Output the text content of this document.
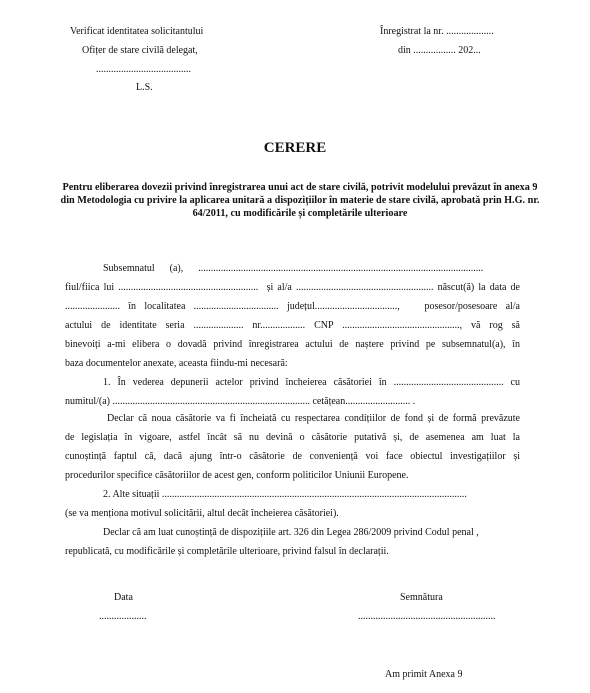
Verificat identitatea solicitantului
Ofițer de stare civilă delegat,
......................................
L.S.
Înregistrat la nr. ...................
din ................. 202...
CERERE
Pentru eliberarea dovezii privind înregistrarea unui act de stare civilă, potrivit modelului prevăzut în anexa 9 din Metodologia cu privire la aplicarea unitară a dispozițiilor în materie de stare civilă, aprobată prin H.G. nr. 64/2011, cu modificările și completările ulterioare
Subsemnatul      (a),      ..................................................................................................................
fiul/fiica lui ........................................................  și al/a ....................................................... născut(ă) la data de
...................... în localitatea .................................. județul.................................,   posesor/posesoare al/a
actului de identitate seria .................... nr.................. CNP ..............................................., vă rog să
binevoiți a-mi elibera o dovadă privind înregistrarea actului de naștere privind pe subsemnatul(a), în
baza documentelor anexate, aceasta fiindu-mi necesară:
1. În vederea depunerii actelor privind încheierea căsătoriei în ............................................ cu
numitul/(a) ............................................................................... cetățean.......................... .
Declar că noua căsătorie va fi încheiată cu respectarea condițiilor de fond și de formă prevăzute
de legislația în vigoare, astfel încât să nu devină o căsătorie putativă și, de asemenea am luat la
cunoștință faptul că, dacă ajung într-o căsătorie de conveniență voi face obiectul investigațiilor și
procedurilor specifice căsătoriilor de acest gen, conform politicilor Uniunii Europene.
2. Alte situații ..........................................................................................................................
(se va menționa motivul solicitării, altul decât încheierea căsătoriei).
Declar că am luat cunoștință de dispozițiile art. 326 din Legea 286/2009 privind Codul penal ,
republicată, cu modificările și completările ulterioare, privind falsul în declarații.
Data
...................
Semnătura
.......................................................
Am primit Anexa 9
